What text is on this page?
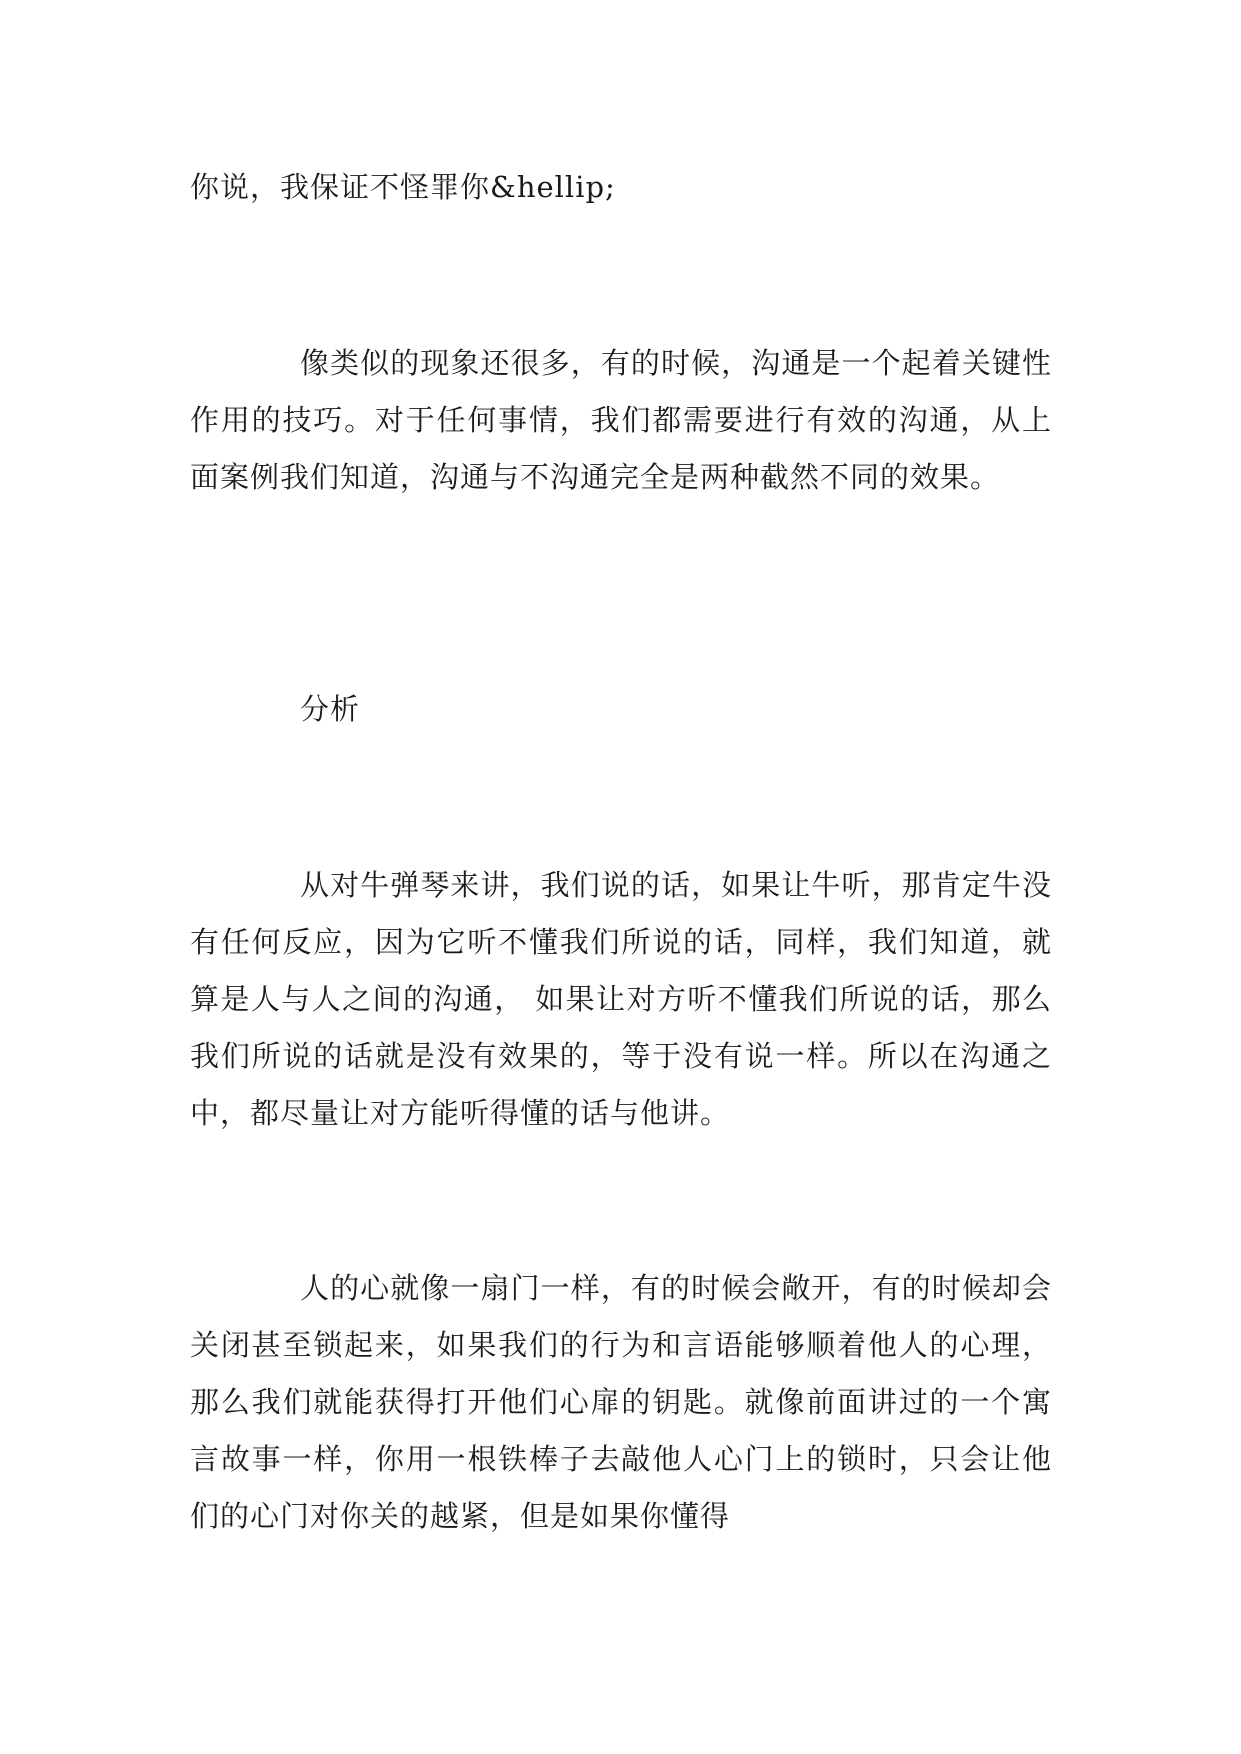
你说，我保证不怪罪你&hellip;

像类似的现象还很多，有的时候，沟通是一个起着关键性作用的技巧。对于任何事情，我们都需要进行有效的沟通，从上面案例我们知道，沟通与不沟通完全是两种截然不同的效果。

分析

从对牛弹琴来讲，我们说的话，如果让牛听，那肯定牛没有任何反应，因为它听不懂我们所说的话，同样，我们知道，就算是人与人之间的沟通， 如果让对方听不懂我们所说的话，那么我们所说的话就是没有效果的，等于没有说一样。所以在沟通之中，都尽量让对方能听得懂的话与他讲。

人的心就像一扇门一样，有的时候会敞开，有的时候却会关闭甚至锁起来，如果我们的行为和言语能够顺着他人的心理，那么我们就能获得打开他们心扉的钥匙。就像前面讲过的一个寓言故事一样，你用一根铁棒子去敲他人心门上的锁时，只会让他们的心门对你关的越紧，但是如果你懂得
